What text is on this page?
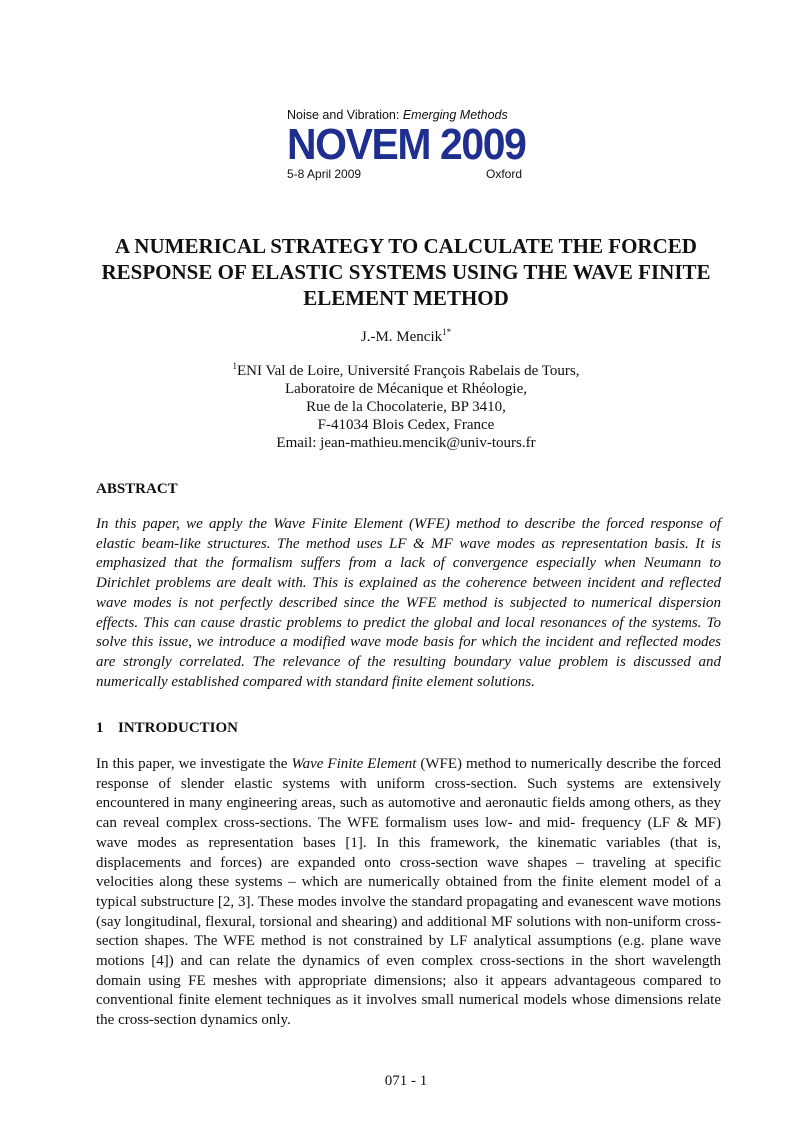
Noise and Vibration: Emerging Methods
NOVEM 2009
5-8 April 2009	Oxford
A NUMERICAL STRATEGY TO CALCULATE THE FORCED RESPONSE OF ELASTIC SYSTEMS USING THE WAVE FINITE ELEMENT METHOD
J.-M. Mencik$^{1*}$
$^1$ENI Val de Loire, Université François Rabelais de Tours,
Laboratoire de Mécanique et Rhéologie,
Rue de la Chocolaterie, BP 3410,
F-41034 Blois Cedex, France
Email: jean-mathieu.mencik@univ-tours.fr
ABSTRACT
In this paper, we apply the Wave Finite Element (WFE) method to describe the forced response of elastic beam-like structures. The method uses LF & MF wave modes as representation basis. It is emphasized that the formalism suffers from a lack of convergence especially when Neumann to Dirichlet problems are dealt with. This is explained as the coherence between incident and reflected wave modes is not perfectly described since the WFE method is subjected to numerical dispersion effects. This can cause drastic problems to predict the global and local resonances of the systems. To solve this issue, we introduce a modified wave mode basis for which the incident and reflected modes are strongly correlated. The relevance of the resulting boundary value problem is discussed and numerically established compared with standard finite element solutions.
1 INTRODUCTION
In this paper, we investigate the Wave Finite Element (WFE) method to numerically describe the forced response of slender elastic systems with uniform cross-section. Such systems are extensively encountered in many engineering areas, such as automotive and aeronautic fields among others, as they can reveal complex cross-sections. The WFE formalism uses low- and mid- frequency (LF & MF) wave modes as representation bases [1]. In this framework, the kinematic variables (that is, displacements and forces) are expanded onto cross-section wave shapes – traveling at specific velocities along these systems – which are numerically obtained from the finite element model of a typical substructure [2, 3]. These modes involve the standard propagating and evanescent wave motions (say longitudinal, flexural, torsional and shearing) and additional MF solutions with non-uniform cross-section shapes. The WFE method is not constrained by LF analytical assumptions (e.g. plane wave motions [4]) and can relate the dynamics of even complex cross-sections in the short wavelength domain using FE meshes with appropriate dimensions; also it appears advantageous compared to conventional finite element techniques as it involves small numerical models whose dimensions relate the cross-section dynamics only.
071 - 1
